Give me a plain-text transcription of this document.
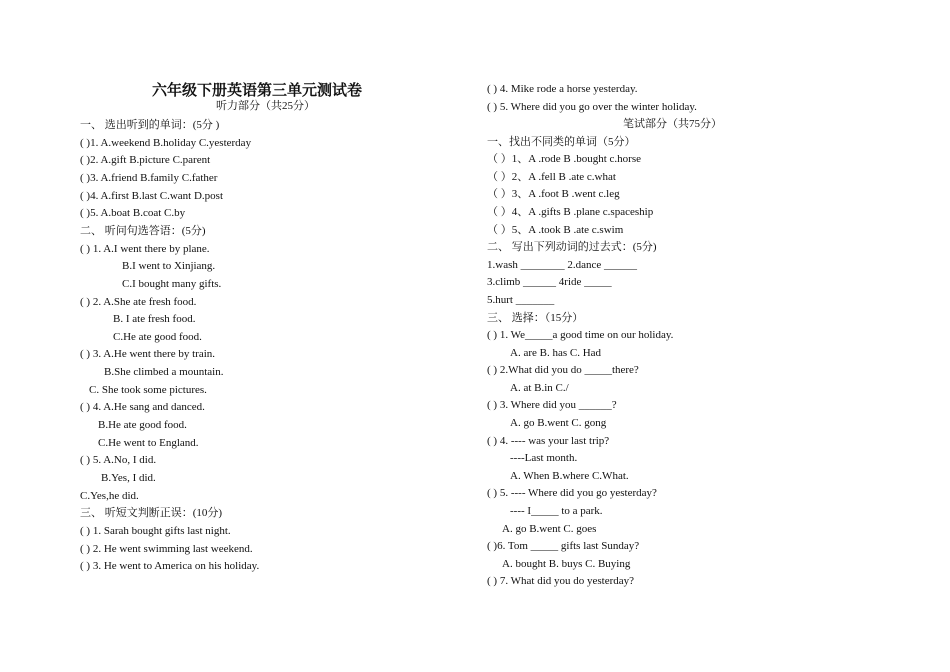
六年级下册英语第三单元测试卷
听力部分（共25分）
一、 选出听到的单词：(5分 )
( )1. A.weekend B.holiday C.yesterday
( )2. A.gift B.picture C.parent
( )3. A.friend B.family C.father
( )4. A.first B.last C.want D.post
( )5. A.boat B.coat C.by
二、 听问句选答语：(5分)
( ) 1. A.I went there by plane.
B.I went to Xinjiang.
C.I bought many gifts.
( ) 2. A.She ate fresh food.
B. I ate fresh food.
C.He ate good food.
( ) 3. A.He went there by train.
B.She climbed a mountain.
C. She took some pictures.
( ) 4. A.He sang and danced.
B.He ate good food.
C.He went to England.
( ) 5. A.No, I did.
B.Yes, I did.
C.Yes,he did.
三、 听短文判断正误：(10分)
( ) 1. Sarah bought gifts last night.
( ) 2. He went swimming last weekend.
( ) 3. He went to America on his holiday.
( ) 4. Mike rode a horse yesterday.
( ) 5. Where did you go over the winter holiday.
笔试部分（共75分）
一、找出不同类的单词（5分）
（ ）1、A .rode B .bought c.horse
（ ）2、A .fell B .ate c.what
（ ）3、A .foot B .went c.leg
（ ）4、A .gifts B .plane c.spaceship
（ ）5、A .took B .ate c.swim
二、 写出下列动词的过去式：(5分)
1.wash ________ 2.dance ______
3.climb ______ 4ride _____
5.hurt _______
三、 选择：（15分）
( ) 1. We_____a good time on our holiday.
A. are B. has C. Had
( ) 2.What did you do _____there?
A. at B.in C./
( ) 3. Where did you ______?
A. go B.went C. gong
( ) 4. ---- was your last trip?
----Last month.
A. When B.where C.What.
( ) 5. ---- Where did you go yesterday?
---- I_____ to a park.
A. go B.went C. goes
( )6. Tom _____ gifts last Sunday?
A. bought B. buys C. Buying
( ) 7. What did you do yesterday?
